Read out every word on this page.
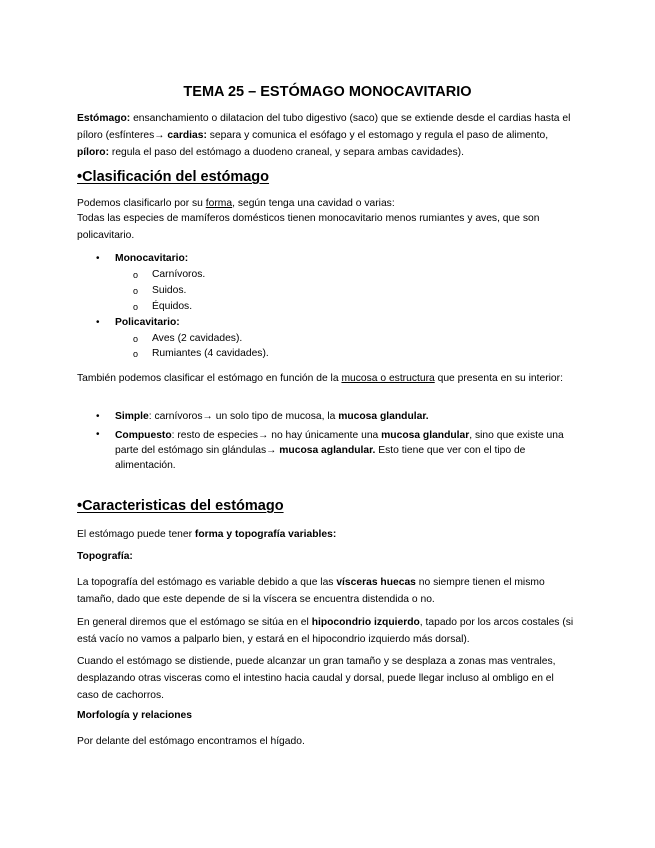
TEMA 25 – ESTÓMAGO MONOCAVITARIO
Estómago: ensanchamiento o dilatacion del tubo digestivo (saco) que se extiende desde el cardias hasta el píloro (esfínteres→ cardias: separa y comunica el esófago y el estomago y regula el paso de alimento, píloro: regula el paso del estómago a duodeno craneal, y separa ambas cavidades).
•Clasificación del estómago
Podemos clasificarlo por su forma, según tenga una cavidad o varias:
Todas las especies de mamíferos domésticos tienen monocavitario menos rumiantes y aves, que son policavitario.
• Monocavitario:
o Carnívoros.
o Suidos.
o Équidos.
• Policavitario:
o Aves (2 cavidades).
o Rumiantes (4 cavidades).
También podemos clasificar el estómago en función de la mucosa o estructura que presenta en su interior:
• Simple: carnívoros→ un solo tipo de mucosa, la mucosa glandular.
• Compuesto: resto de especies→ no hay únicamente una mucosa glandular, sino que existe una parte del estómago sin glándulas→ mucosa aglandular. Esto tiene que ver con el tipo de alimentación.
•Caracteristicas del estómago
El estómago puede tener forma y topografía variables:
Topografía:
La topografía del estómago es variable debido a que las vísceras huecas no siempre tienen el mismo tamaño, dado que este depende de si la víscera se encuentra distendida o no.
En general diremos que el estómago se sitúa en el hipocondrio izquierdo, tapado por los arcos costales (si está vacío no vamos a palparlo bien, y estará en el hipocondrio izquierdo más dorsal).
Cuando el estómago se distiende, puede alcanzar un gran tamaño y se desplaza a zonas mas ventrales, desplazando otras visceras como el intestino hacia caudal y dorsal, puede llegar incluso al ombligo en el caso de cachorros.
Morfología y relaciones
Por delante del estómago encontramos el hígado.
